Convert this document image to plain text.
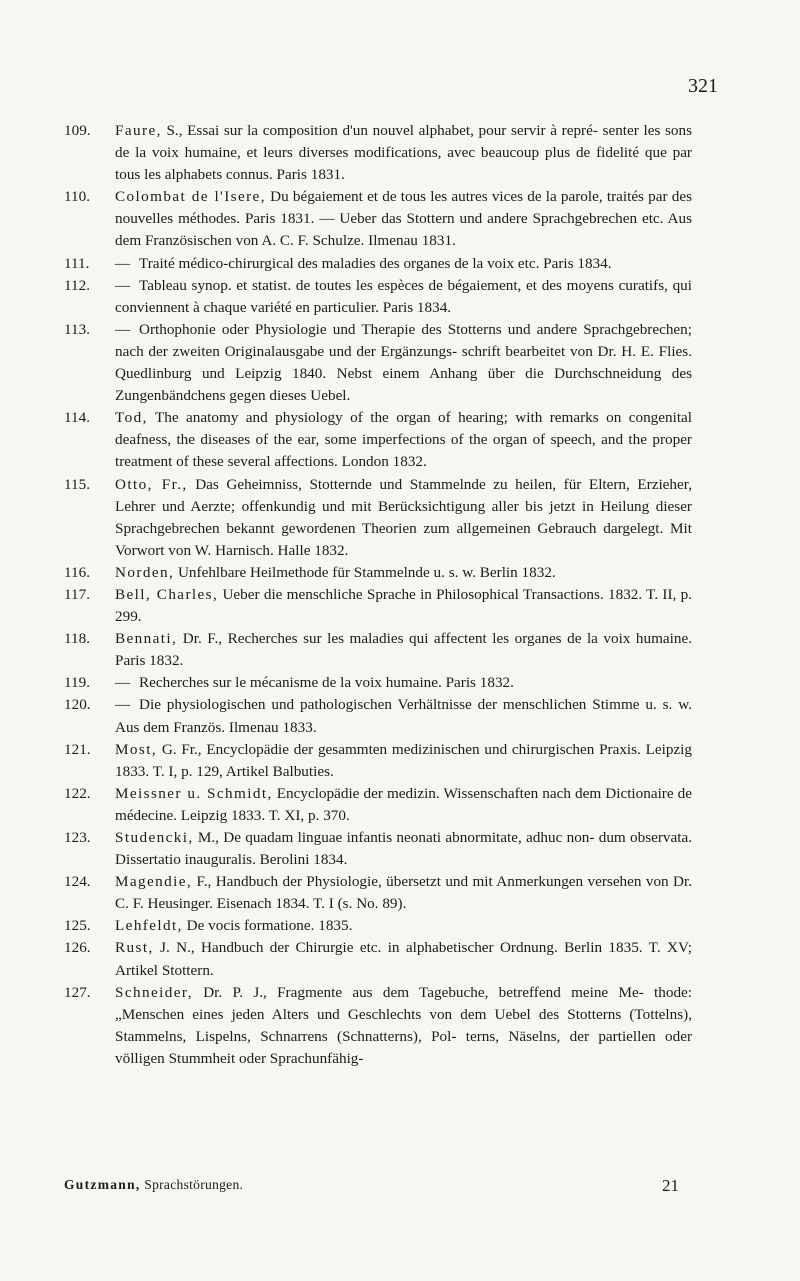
321
109. Faure, S., Essai sur la composition d'un nouvel alphabet, pour servir à repré- senter les sons de la voix humaine, et leurs diverses modifications, avec beaucoup plus de fidelité que par tous les alphabets connus. Paris 1831.
110. Colombat de l'Isere, Du bégaiement et de tous les autres vices de la parole, traités par des nouvelles méthodes. Paris 1831. — Ueber das Stottern und andere Sprachgebrechen etc. Aus dem Französischen von A. C. F. Schulze. Ilmenau 1831.
111. — Traité médico-chirurgical des maladies des organes de la voix etc. Paris 1834.
112. — Tableau synop. et statist. de toutes les espèces de bégaiement, et des moyens curatifs, qui conviennent à chaque variété en particulier. Paris 1834.
113. — Orthophonie oder Physiologie und Therapie des Stotterns und andere Sprachgebrechen; nach der zweiten Originalausgabe und der Ergänzungs- schrift bearbeitet von Dr. H. E. Flies. Quedlinburg und Leipzig 1840. Nebst einem Anhang über die Durchschneidung des Zungenbändchens gegen dieses Uebel.
114. Tod, The anatomy and physiology of the organ of hearing; with remarks on congenital deafness, the diseases of the ear, some imperfections of the organ of speech, and the proper treatment of these several affections. London 1832.
115. Otto, Fr., Das Geheimniss, Stotternde und Stammelnde zu heilen, für Eltern, Erzieher, Lehrer und Aerzte; offenkundig und mit Berücksichtigung aller bis jetzt in Heilung dieser Sprachgebrechen bekannt gewordenen Theorien zum allgemeinen Gebrauch dargelegt. Mit Vorwort von W. Harnisch. Halle 1832.
116. Norden, Unfehlbare Heilmethode für Stammelnde u. s. w. Berlin 1832.
117. Bell, Charles, Ueber die menschliche Sprache in Philosophical Transactions. 1832. T. II, p. 299.
118. Bennati, Dr. F., Recherches sur les maladies qui affectent les organes de la voix humaine. Paris 1832.
119. — Recherches sur le mécanisme de la voix humaine. Paris 1832.
120. — Die physiologischen und pathologischen Verhältnisse der menschlichen Stimme u. s. w. Aus dem Französ. Ilmenau 1833.
121. Most, G. Fr., Encyclopädie der gesammten medizinischen und chirurgischen Praxis. Leipzig 1833. T. I, p. 129, Artikel Balbuties.
122. Meissner u. Schmidt, Encyclopädie der medizin. Wissenschaften nach dem Dictionaire de médecine. Leipzig 1833. T. XI, p. 370.
123. Studencki, M., De quadam linguae infantis neonati abnormitate, adhuc non- dum observata. Dissertatio inauguralis. Berolini 1834.
124. Magendie, F., Handbuch der Physiologie, übersetzt und mit Anmerkungen versehen von Dr. C. F. Heusinger. Eisenach 1834. T. I (s. No. 89).
125. Lehfeldt, De vocis formatione. 1835.
126. Rust, J. N., Handbuch der Chirurgie etc. in alphabetischer Ordnung. Berlin 1835. T. XV; Artikel Stottern.
127. Schneider, Dr. P. J., Fragmente aus dem Tagebuche, betreffend meine Me- thode: „Menschen eines jeden Alters und Geschlechts von dem Uebel des Stotterns (Tottelns), Stammelns, Lispelns, Schnarrens (Schnatterns), Pol- terns, Näselns, der partiellen oder völligen Stummheit oder Sprachunfähig-
Gutzmann, Sprachstörungen.	21
